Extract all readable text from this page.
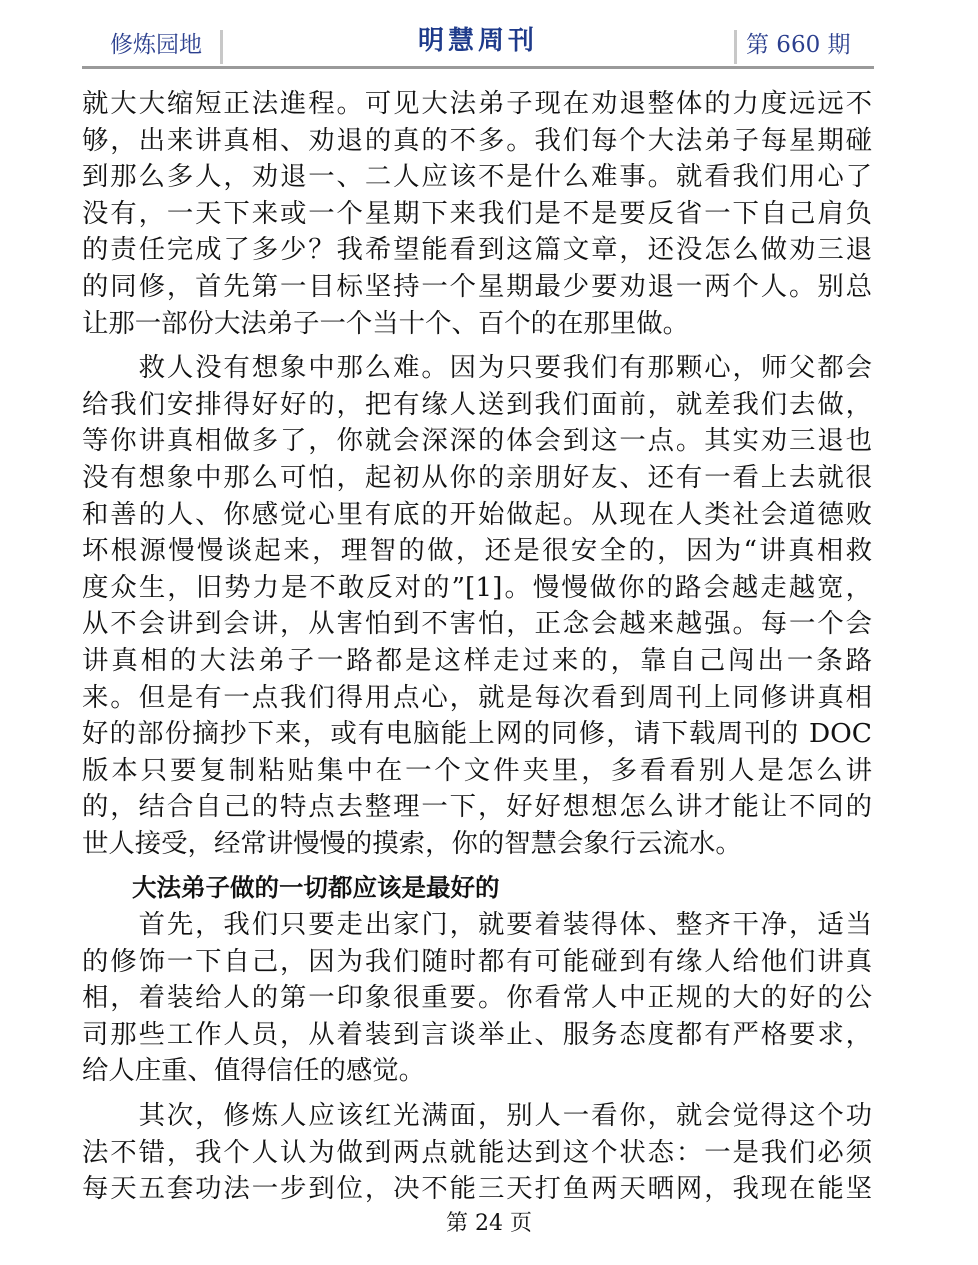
修炼园地	明慧周刊	第 660 期
就大大缩短正法進程。可见大法弟子现在劝退整体的力度远远不
够，出来讲真相、劝退的真的不多。我们每个大法弟子每星期碰
到那么多人，劝退一、二人应该不是什么难事。就看我们用心了
没有，一天下来或一个星期下来我们是不是要反省一下自己肩负
的责任完成了多少？我希望能看到这篇文章，还没怎么做劝三退
的同修，首先第一目标坚持一个星期最少要劝退一两个人。别总
让那一部份大法弟子一个当十个、百个的在那里做。
　　救人没有想象中那么难。因为只要我们有那颗心，师父都会
给我们安排得好好的，把有缘人送到我们面前，就差我们去做，
等你讲真相做多了，你就会深深的体会到这一点。其实劝三退也
没有想象中那么可怕，起初从你的亲朋好友、还有一看上去就很
和善的人、你感觉心里有底的开始做起。从现在人类社会道德败
坏根源慢慢谈起来，理智的做，还是很安全的，因为“讲真相救
度众生，旧势力是不敢反对的”[1]。慢慢做你的路会越走越宽，
从不会讲到会讲，从害怕到不害怕，正念会越来越强。每一个会
讲真相的大法弟子一路都是这样走过来的，靠自己闯出一条路
来。但是有一点我们得用点心，就是每次看到周刊上同修讲真相
好的部份摘抄下来，或有电脑能上网的同修，请下载周刊的 DOC
版本只要复制粘贴集中在一个文件夹里，多看看别人是怎么讲
的，结合自己的特点去整理一下，好好想想怎么讲才能让不同的
世人接受，经常讲慢慢的摸索，你的智慧会象行云流水。
大法弟子做的一切都应该是最好的
　　首先，我们只要走出家门，就要着装得体、整齐干净，适当
的修饰一下自己，因为我们随时都有可能碰到有缘人给他们讲真
相，着装给人的第一印象很重要。你看常人中正规的大的好的公
司那些工作人员，从着装到言谈举止、服务态度都有严格要求，
给人庄重、值得信任的感觉。
　　其次，修炼人应该红光满面，别人一看你，就会觉得这个功
法不错，我个人认为做到两点就能达到这个状态：一是我们必须
每天五套功法一步到位，决不能三天打鱼两天晒网，我现在能坚
第 24 页
